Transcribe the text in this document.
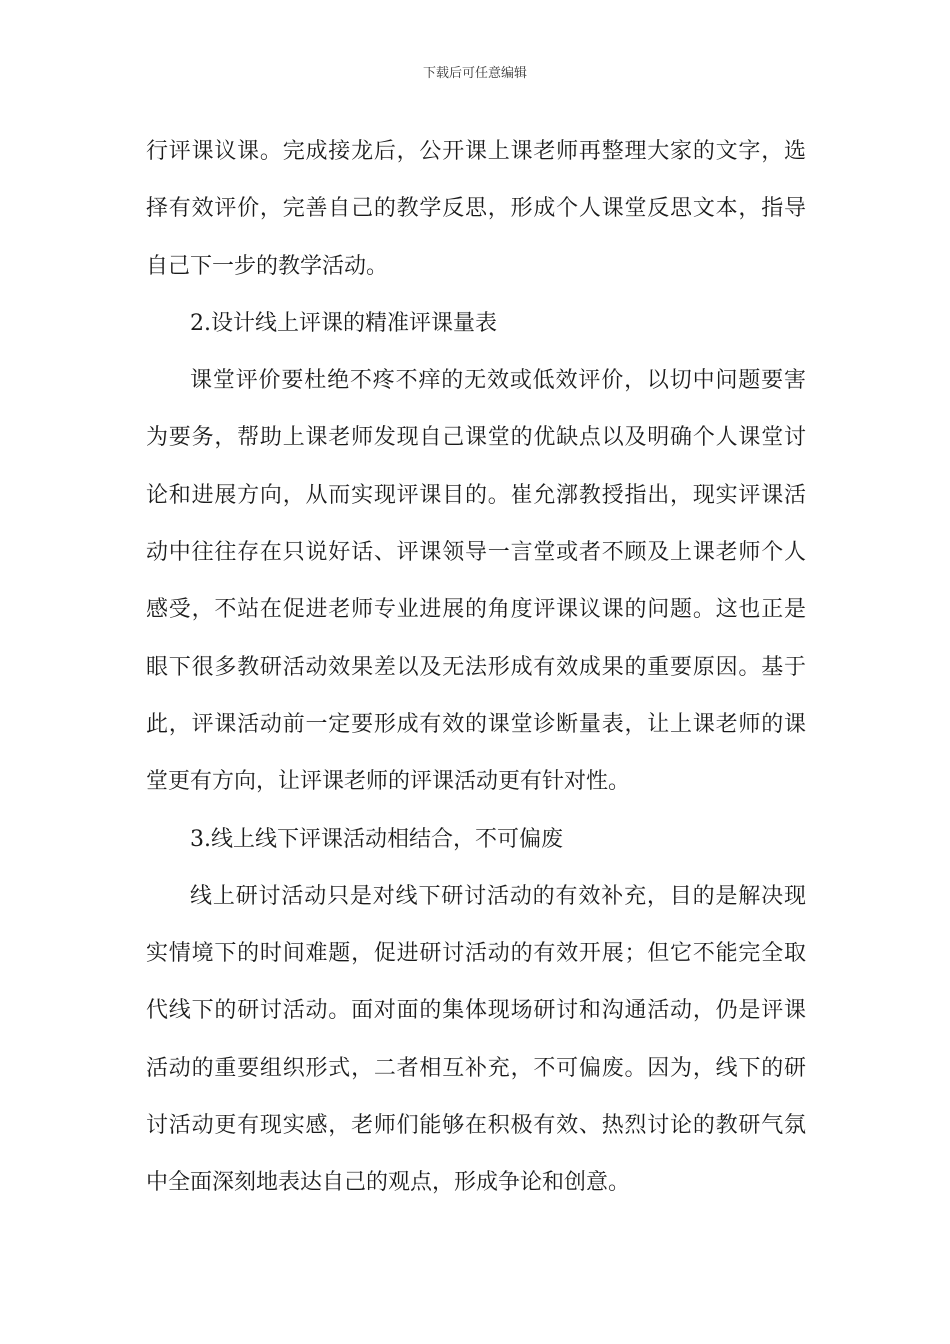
下载后可任意编辑
行评课议课。完成接龙后，公开课上课老师再整理大家的文字，选
择有效评价，完善自己的教学反思，形成个人课堂反思文本，指导
自己下一步的教学活动。
2.设计线上评课的精准评课量表
课堂评价要杜绝不疼不痒的无效或低效评价，以切中问题要害
为要务，帮助上课老师发现自己课堂的优缺点以及明确个人课堂讨
论和进展方向，从而实现评课目的。崔允漷教授指出，现实评课活
动中往往存在只说好话、评课领导一言堂或者不顾及上课老师个人
感受，不站在促进老师专业进展的角度评课议课的问题。这也正是
眼下很多教研活动效果差以及无法形成有效成果的重要原因。基于
此，评课活动前一定要形成有效的课堂诊断量表，让上课老师的课
堂更有方向，让评课老师的评课活动更有针对性。
3.线上线下评课活动相结合，不可偏废
线上研讨活动只是对线下研讨活动的有效补充，目的是解决现
实情境下的时间难题，促进研讨活动的有效开展；但它不能完全取
代线下的研讨活动。面对面的集体现场研讨和沟通活动，仍是评课
活动的重要组织形式，二者相互补充，不可偏废。因为，线下的研
讨活动更有现实感，老师们能够在积极有效、热烈讨论的教研气氛
中全面深刻地表达自己的观点，形成争论和创意。
